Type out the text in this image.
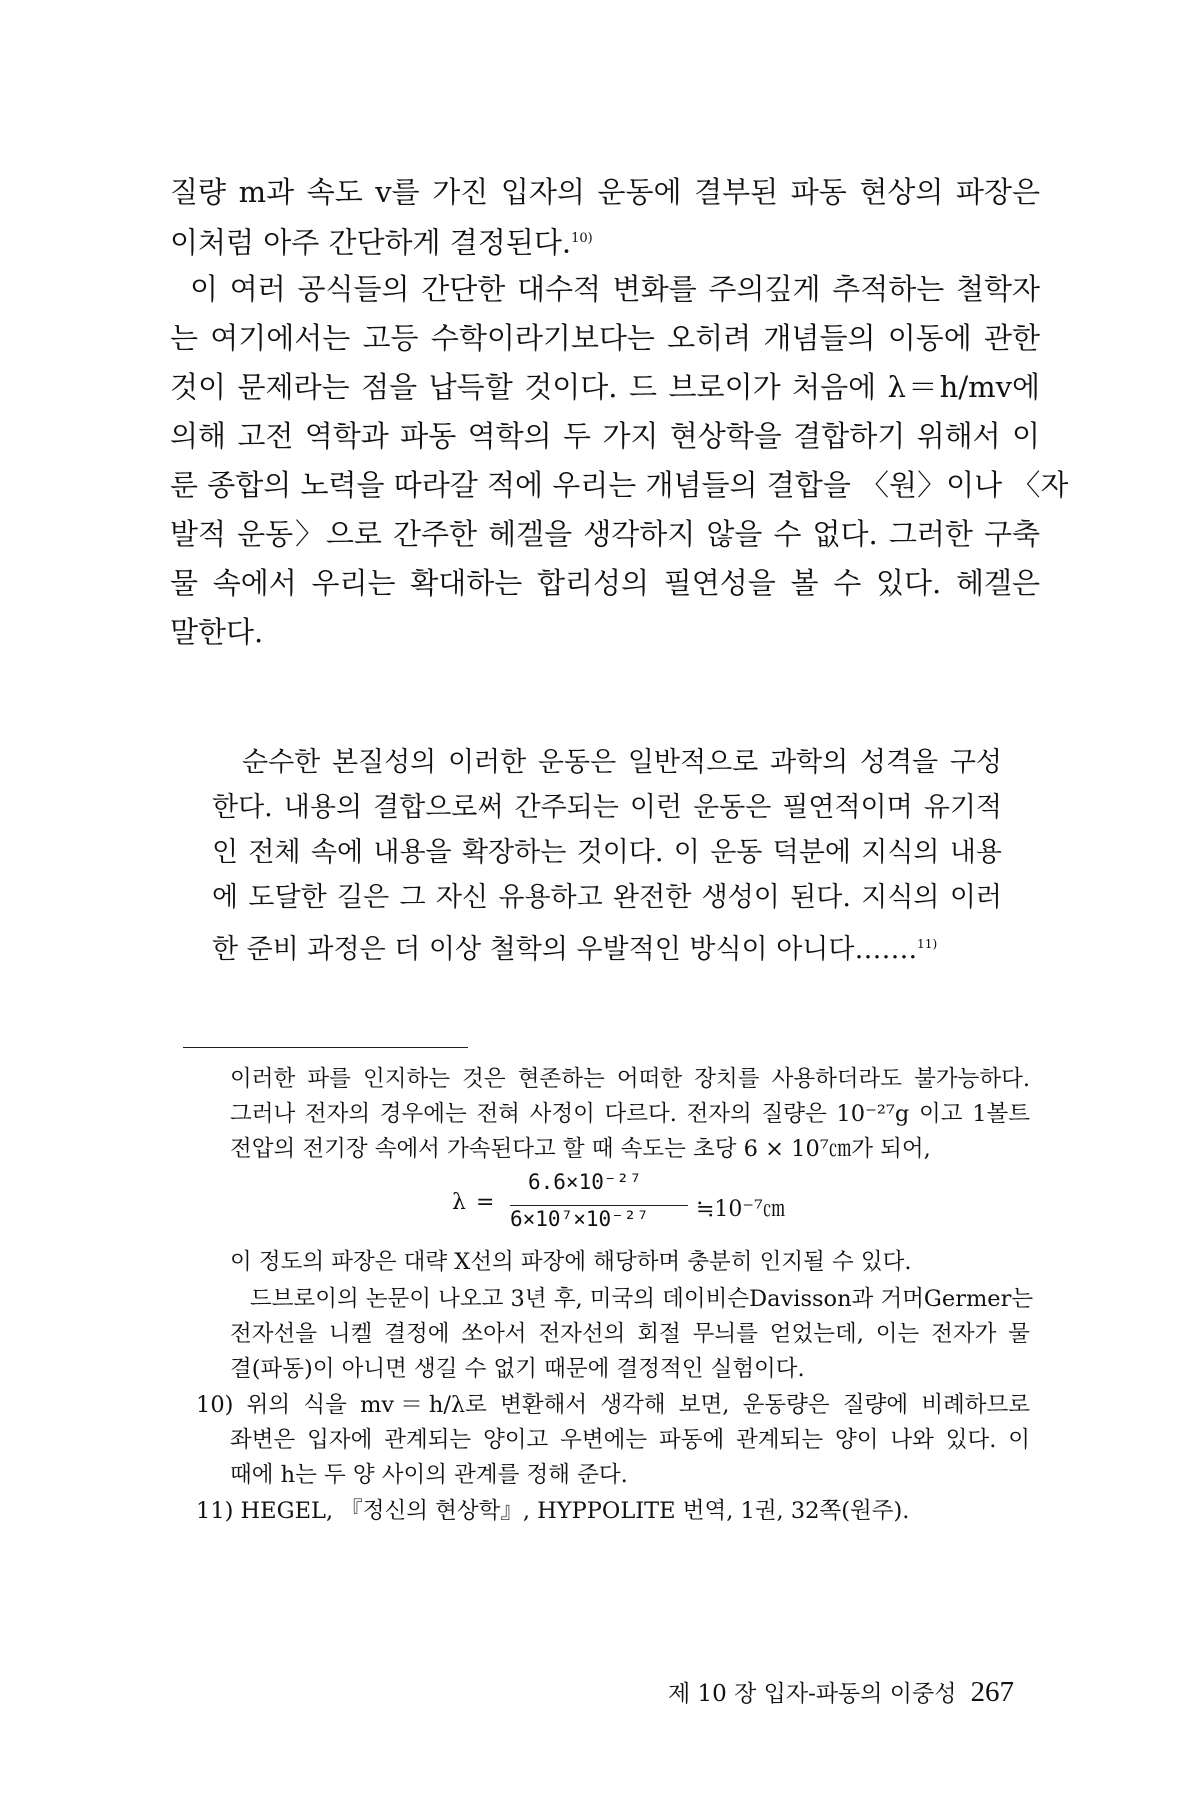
질량 m과 속도 v를 가진 입자의 운동에 결부된 파동 현상의 파장은
이처럼 아주 간단하게 결정된다.$^{10)}$
이 여러 공식들의 간단한 대수적 변화를 주의깊게 추적하는 철학자
는 여기에서는 고등 수학이라기보다는 오히려 개념들의 이동에 관한
것이 문제라는 점을 납득할 것이다. 드 브로이가 처음에 λ＝h/mv에
의해 고전 역학과 파동 역학의 두 가지 현상학을 결합하기 위해서 이
룬 종합의 노력을 따라갈 적에 우리는 개념들의 결합을 〈원〉이나 〈자
발적 운동〉으로 간주한 헤겔을 생각하지 않을 수 없다. 그러한 구축
물 속에서 우리는 확대하는 합리성의 필연성을 볼 수 있다. 헤겔은
말한다.
순수한 본질성의 이러한 운동은 일반적으로 과학의 성격을 구성
한다. 내용의 결합으로써 간주되는 이런 운동은 필연적이며 유기적
인 전체 속에 내용을 확장하는 것이다. 이 운동 덕분에 지식의 내용
에 도달한 길은 그 자신 유용하고 완전한 생성이 된다. 지식의 이러
한 준비 과정은 더 이상 철학의 우발적인 방식이 아니다…….$^{11)}$
이러한 파를 인지하는 것은 현존하는 어떠한 장치를 사용하더라도 불가능하다.
그러나 전자의 경우에는 전혀 사정이 다르다. 전자의 질량은 10⁻²⁷g 이고 1볼트
전압의 전기장 속에서 가속된다고 할 때 속도는 초당 6 × 10⁷㎝가 되어,
λ =
6.6×10⁻²⁷
6×10⁷×10⁻²⁷ ≒10⁻⁷㎝
이 정도의 파장은 대략 X선의 파장에 해당하며 충분히 인지될 수 있다.
드브로이의 논문이 나오고 3년 후, 미국의 데이비슨Davisson과 거머Germer는
전자선을 니켈 결정에 쏘아서 전자선의 회절 무늬를 얻었는데, 이는 전자가 물
결(파동)이 아니면 생길 수 없기 때문에 결정적인 실험이다.
10) 위의 식을 mv＝h/λ로 변환해서 생각해 보면, 운동량은 질량에 비례하므로
좌변은 입자에 관계되는 양이고 우변에는 파동에 관계되는 양이 나와 있다. 이
때에 h는 두 양 사이의 관계를 정해 준다.
11) HEGEL, 『정신의 현상학』, HYPPOLITE 번역, 1권, 32쪽(원주).
제 10 장 입자-파동의 이중성 267
